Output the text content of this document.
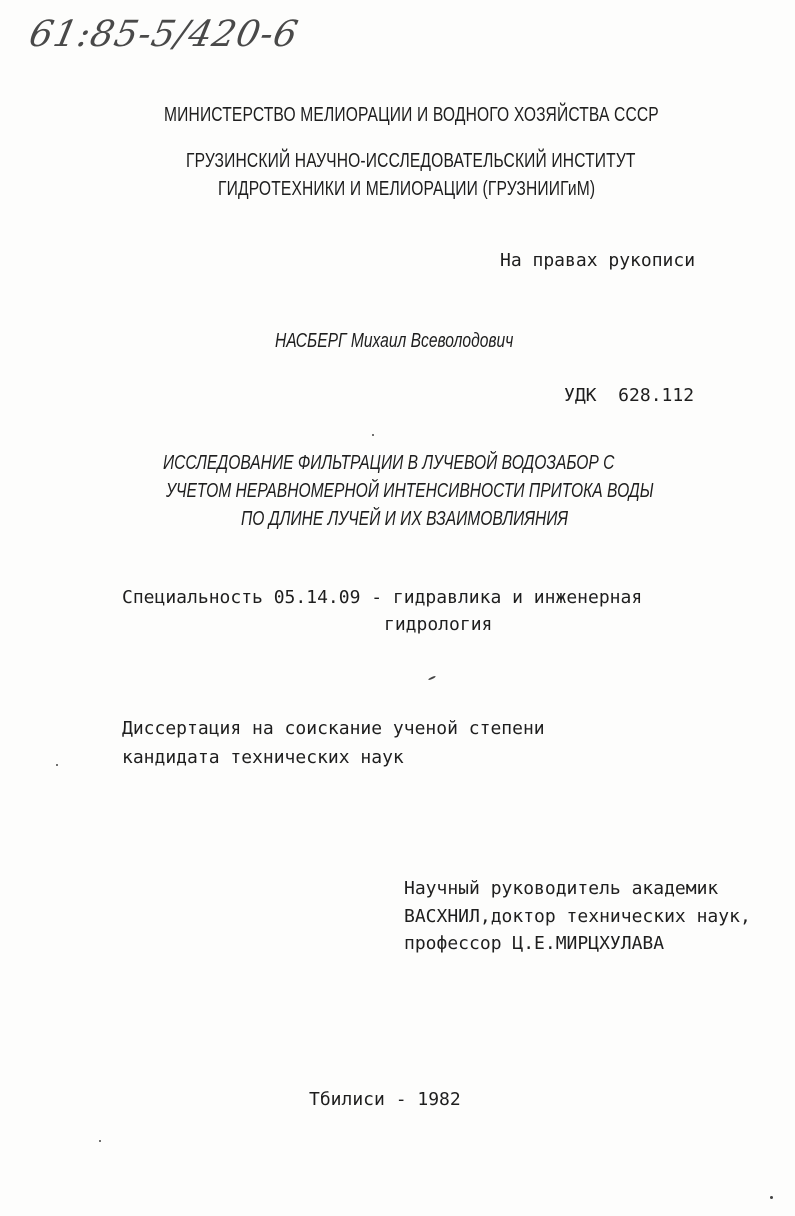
61:85-5/420-6
МИНИСТЕРСТВО МЕЛИОРАЦИИ И ВОДНОГО ХОЗЯЙСТВА СССР
ГРУЗИНСКИЙ НАУЧНО-ИССЛЕДОВАТЕЛЬСКИЙ ИНСТИТУТ
ГИДРОТЕХНИКИ И МЕЛИОРАЦИИ (ГРУЗНИИГиМ)
На правах рукописи
НАСБЕРГ Михаил Всеволодович
УДК  628.112
ИССЛЕДОВАНИЕ ФИЛЬТРАЦИИ В ЛУЧЕВОЙ ВОДОЗАБОР С
УЧЕТОМ НЕРАВНОМЕРНОЙ ИНТЕНСИВНОСТИ ПРИТОКА ВОДЫ
ПО ДЛИНЕ ЛУЧЕЙ И ИХ ВЗАИМОВЛИЯНИЯ
Специальность 05.14.09 - гидравлика и инженерная
гидрология
Диссертация на соискание ученой степени
кандидата технических наук
Научный руководитель академик
ВАСХНИЛ,доктор технических наук,
профессор Ц.Е.МИРЦХУЛАВА
Тбилиси - 1982
